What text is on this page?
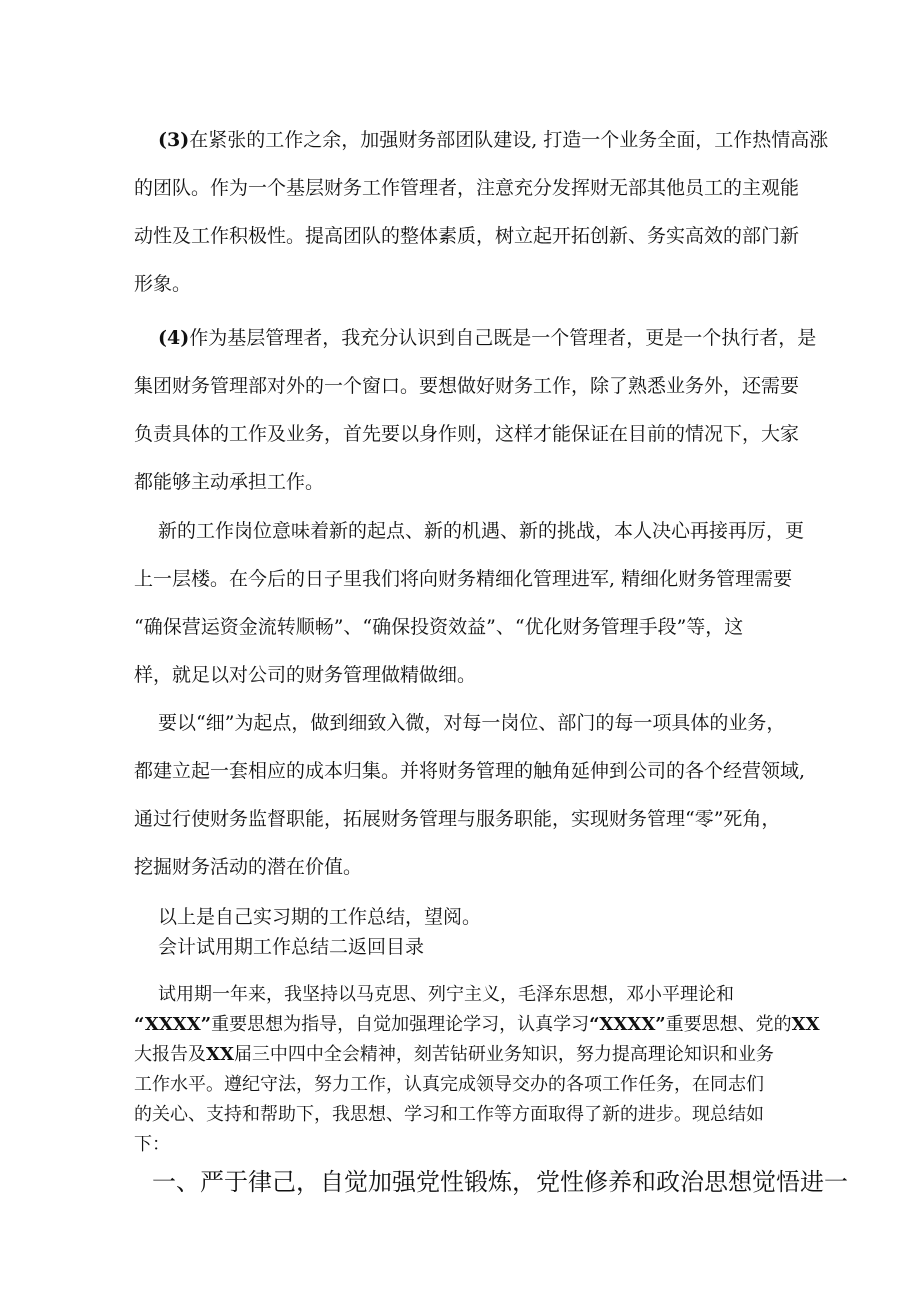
(3)在紧张的工作之余，加强财务部团队建设, 打造一个业务全面，工作热情高涨

的团队。作为一个基层财务工作管理者，注意充分发挥财无部其他员工的主观能

动性及工作积极性。提高团队的整体素质，树立起开拓创新、务实高效的部门新

形象。

(4)作为基层管理者，我充分认识到自己既是一个管理者，更是一个执行者，是

集团财务管理部对外的一个窗口。要想做好财务工作，除了熟悉业务外，还需要

负责具体的工作及业务，首先要以身作则，这样才能保证在目前的情况下，大家

都能够主动承担工作。

新的工作岗位意味着新的起点、新的机遇、新的挑战，本人决心再接再厉，更

上一层楼。在今后的日子里我们将向财务精细化管理进军, 精细化财务管理需要

“确保营运资金流转顺畅”、“确保投资效益”、“优化财务管理手段”等，这

样，就足以对公司的财务管理做精做细。

要以“细”为起点，做到细致入微，对每一岗位、部门的每一项具体的业务，

都建立起一套相应的成本归集。并将财务管理的触角延伸到公司的各个经营领域,

通过行使财务监督职能，拓展财务管理与服务职能，实现财务管理“零”死角，

挖掘财务活动的潜在价值。

以上是自己实习期的工作总结，望阅。

会计试用期工作总结二返回目录

试用期一年来，我坚持以马克思、列宁主义，毛泽东思想，邓小平理论和

“XXXX”重要思想为指导，自觉加强理论学习，认真学习“XXXX”重要思想、党的XX

大报告及XX届三中四中全会精神，刻苦钻研业务知识，努力提高理论知识和业务

工作水平。遵纪守法，努力工作，认真完成领导交办的各项工作任务，在同志们

的关心、支持和帮助下，我思想、学习和工作等方面取得了新的进步。现总结如

下：

一、严于律己，自觉加强党性锻炼，党性修养和政治思想觉悟进一
